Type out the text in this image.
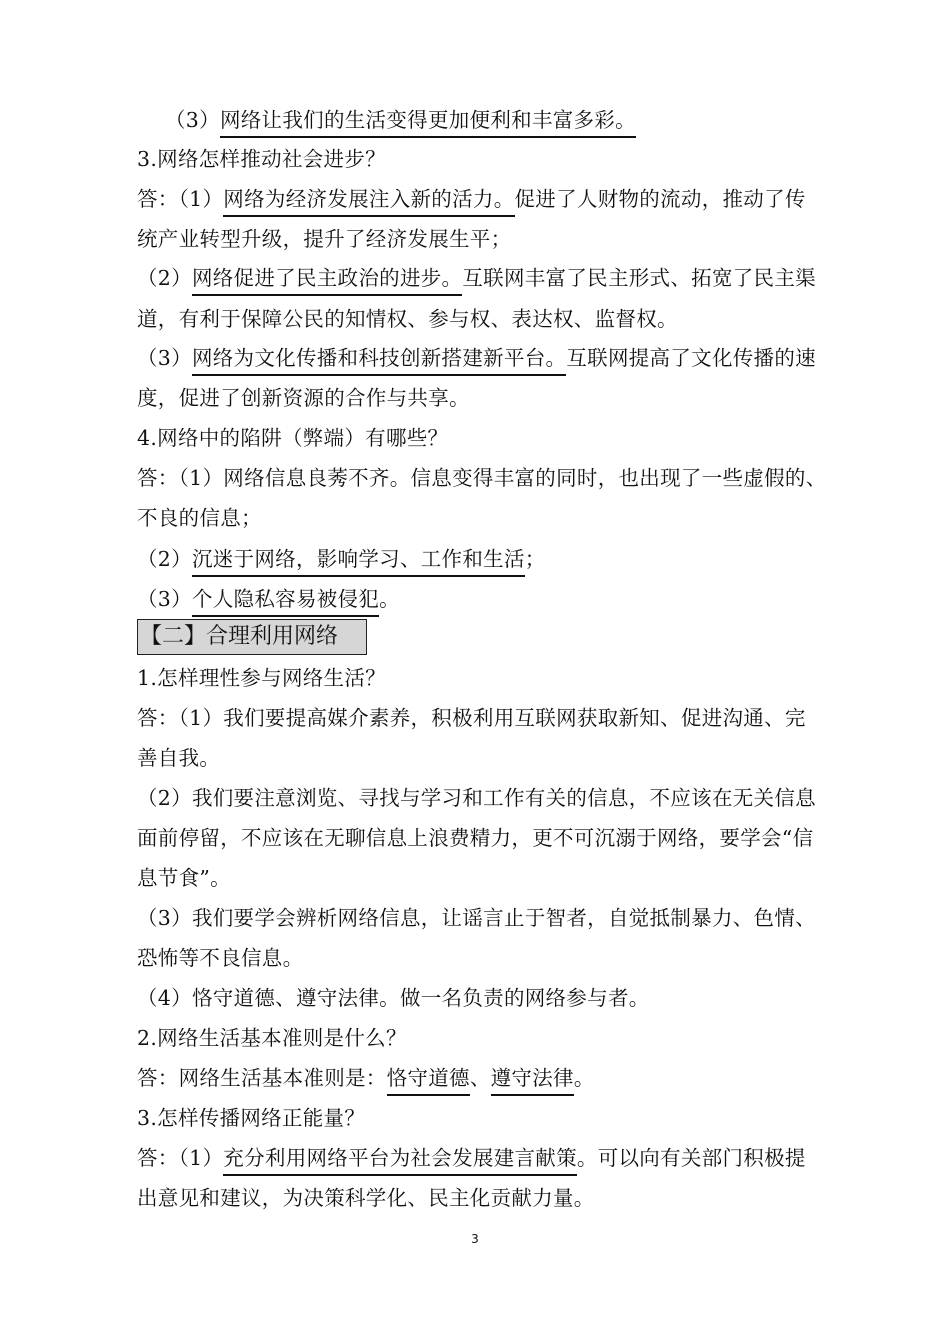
（3）网络让我们的生活变得更加便利和丰富多彩。
3.网络怎样推动社会进步？
答：（1）网络为经济发展注入新的活力。促进了人财物的流动，推动了传
统产业转型升级，提升了经济发展生平；
（2）网络促进了民主政治的进步。互联网丰富了民主形式、拓宽了民主渠
道，有利于保障公民的知情权、参与权、表达权、监督权。
（3）网络为文化传播和科技创新搭建新平台。互联网提高了文化传播的速
度，促进了创新资源的合作与共享。
4.网络中的陷阱（弊端）有哪些？
答：（1）网络信息良莠不齐。信息变得丰富的同时，也出现了一些虚假的、
不良的信息；
（2）沉迷于网络，影响学习、工作和生活；
（3）个人隐私容易被侵犯。
【二】合理利用网络
1.怎样理性参与网络生活？
答：（1）我们要提高媒介素养，积极利用互联网获取新知、促进沟通、完
善自我。
（2）我们要注意浏览、寻找与学习和工作有关的信息，不应该在无关信息
面前停留，不应该在无聊信息上浪费精力，更不可沉溺于网络，要学会“信
息节食”。
（3）我们要学会辨析网络信息，让谣言止于智者，自觉抵制暴力、色情、
恐怖等不良信息。
（4）恪守道德、遵守法律。做一名负责的网络参与者。
2.网络生活基本准则是什么？
答：网络生活基本准则是：恪守道德、遵守法律。
3.怎样传播网络正能量？
答：（1）充分利用网络平台为社会发展建言献策。可以向有关部门积极提
出意见和建议，为决策科学化、民主化贡献力量。
3
